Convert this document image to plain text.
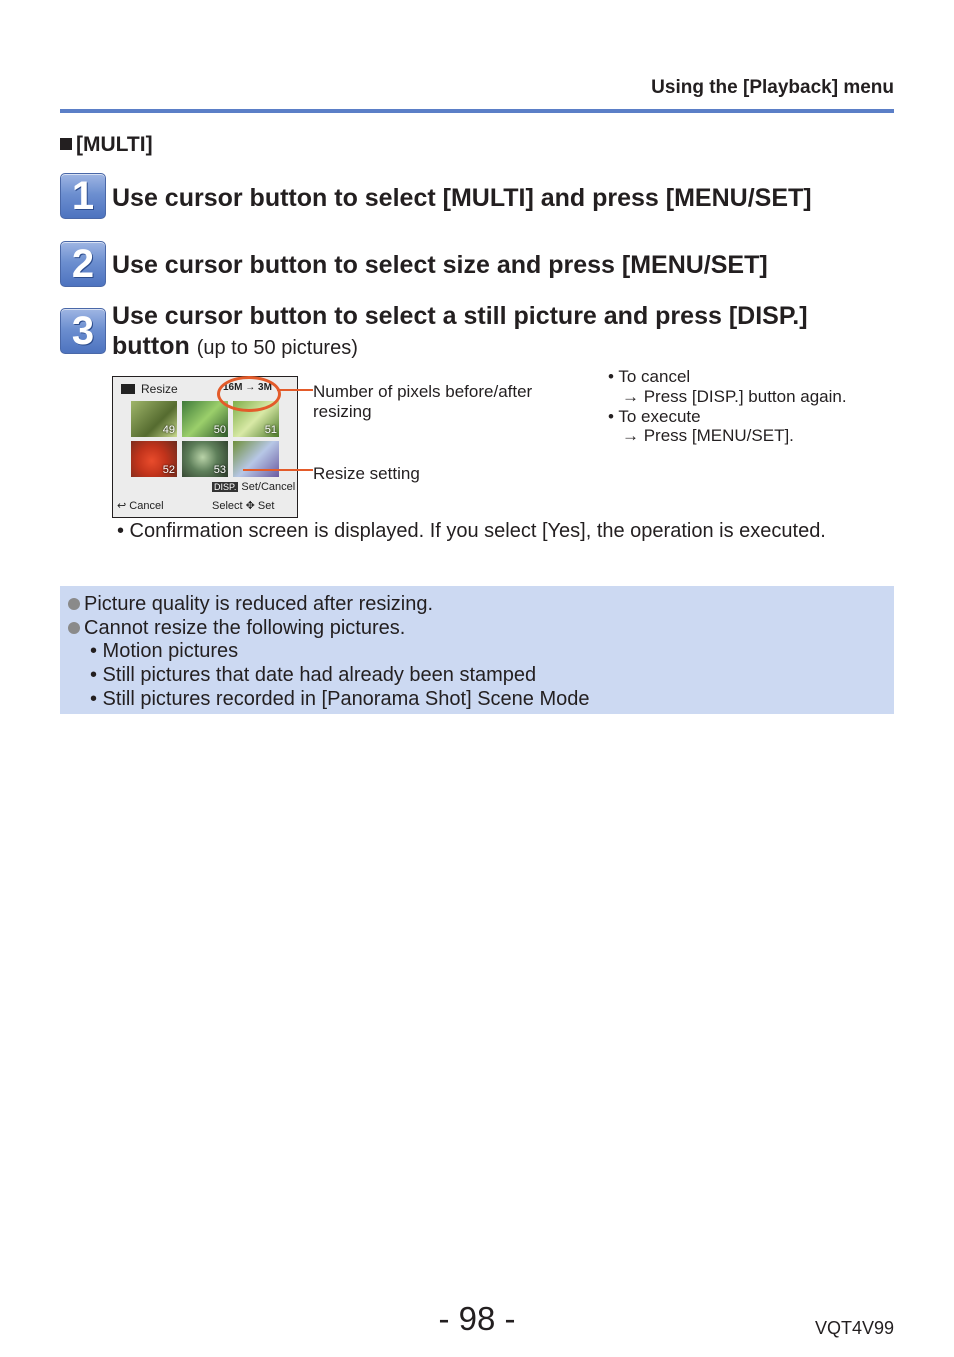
Using the [Playback] menu
[MULTI]
1 Use cursor button to select [MULTI] and press [MENU/SET]
2 Use cursor button to select size and press [MENU/SET]
3 Use cursor button to select a still picture and press [DISP.]
button (up to 50 pictures)
Resize	16M → 3M
49	50	51
52	53
DISP. Set/Cancel
↩ Cancel	Select ✥ Set
Number of pixels before/after resizing
Resize setting
• To cancel
→ Press [DISP.] button again.
• To execute
→ Press [MENU/SET].
• Confirmation screen is displayed. If you select [Yes], the operation is executed.
Picture quality is reduced after resizing.
Cannot resize the following pictures.
• Motion pictures
• Still pictures that date had already been stamped
• Still pictures recorded in [Panorama Shot] Scene Mode
- 98 -	VQT4V99
